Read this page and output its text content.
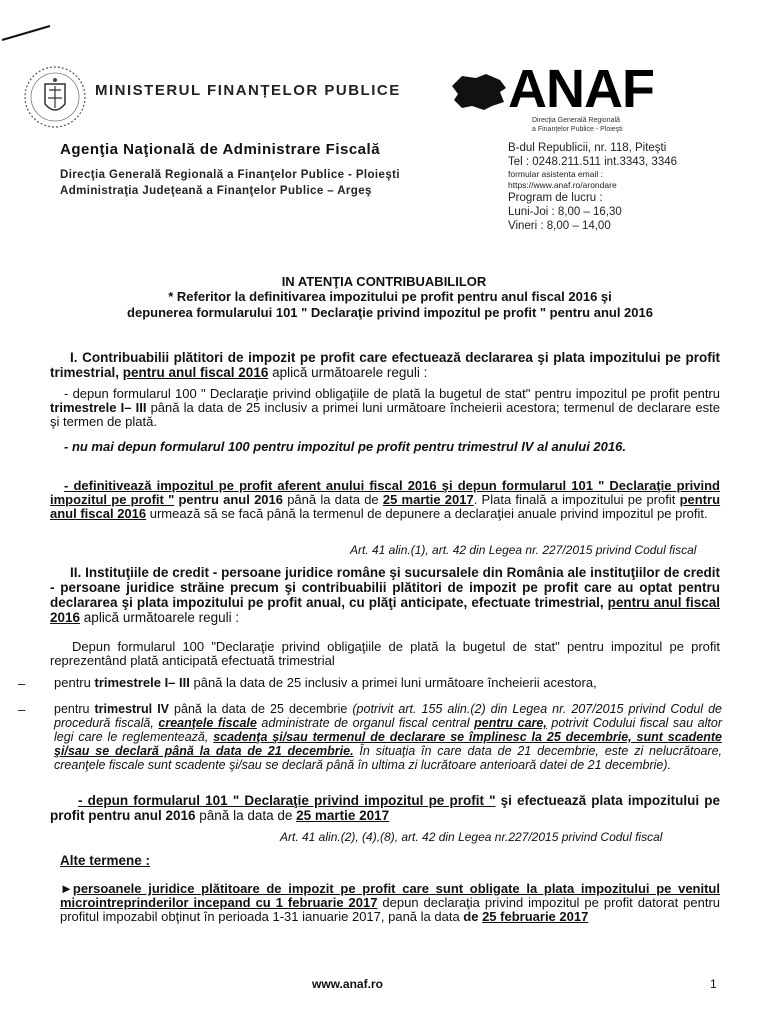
MINISTERUL FINANȚELOR PUBLICE ANAF
Direcţia Generală Regională
a Finanţelor Publice - Ploieşti
Agenţia Naţională de Administrare Fiscală
Direcţia Generală Regională a Finanţelor Publice - Ploieşti
Administraţia Judeţeană a Finanţelor Publice – Argeş
B-dul Republicii, nr. 118, Piteşti
Tel : 0248.211.511 int.3343, 3346
formular asistenta email :
https://www.anaf.ro/arondare
Program de lucru :
Luni-Joi : 8,00 – 16,30
Vineri : 8,00 – 14,00
IN ATENŢIA CONTRIBUABILILOR
* Referitor la definitivarea impozitului pe profit pentru anul fiscal 2016 şi
depunerea formularului 101 " Declaraţie privind impozitul pe profit " pentru anul 2016
I. Contribuabilii plătitori de impozit pe profit care efectuează declararea şi plata impozitului pe profit trimestrial, pentru anul fiscal 2016 aplică următoarele reguli :
- depun formularul 100 " Declaraţie privind obligaţiile de plată la bugetul de stat" pentru impozitul pe profit pentru trimestrele I– III până la data de 25 inclusiv a primei luni următoare încheierii acestora; termenul de declarare este şi termen de plată.
- nu mai depun formularul 100 pentru impozitul pe profit pentru trimestrul IV al anului 2016.
- definitivează impozitul pe profit aferent anului fiscal 2016 şi depun formularul 101 " Declaraţie privind impozitul pe profit " pentru anul 2016 până la data de 25 martie 2017. Plata finală a impozitului pe profit pentru anul fiscal 2016 urmează să se facă până la termenul de depunere a declaraţiei anuale privind impozitul pe profit.
Art. 41 alin.(1), art. 42 din Legea nr. 227/2015 privind Codul fiscal
II. Instituţiile de credit - persoane juridice române şi sucursalele din România ale instituţiilor de credit - persoane juridice străine precum şi contribuabilii plătitori de impozit pe profit care au optat pentru declararea şi plata impozitului pe profit anual, cu plăţi anticipate, efectuate trimestrial, pentru anul fiscal 2016 aplică următoarele reguli :
Depun formularul 100 "Declaraţie privind obligaţiile de plată la bugetul de stat" pentru impozitul pe profit reprezentând plată anticipată efectuată trimestrial
– pentru trimestrele I– III până la data de 25 inclusiv a primei luni următoare încheierii acestora,
– pentru trimestrul IV până la data de 25 decembrie (potrivit art. 155 alin.(2) din Legea nr. 207/2015 privind Codul de procedură fiscală, creanţele fiscale administrate de organul fiscal central pentru care, potrivit Codului fiscal sau altor legi care le reglementează, scadenţa şi/sau termenul de declarare se împlinesc la 25 decembrie, sunt scadente şi/sau se declară până la data de 21 decembrie. În situaţia în care data de 21 decembrie, este zi nelucrătoare, creanţele fiscale sunt scadente şi/sau se declară până în ultima zi lucrătoare anterioară datei de 21 decembrie).
- depun formularul 101 " Declaraţie privind impozitul pe profit " şi efectuează plata impozitului pe profit pentru anul 2016 până la data de 25 martie 2017
Art. 41 alin.(2), (4),(8), art. 42 din Legea nr.227/2015 privind Codul fiscal
Alte termene :
►persoanele juridice plătitoare de impozit pe profit care sunt obligate la plata impozitului pe venitul microintreprinderilor incepand cu 1 februarie 2017 depun declaraţia privind impozitul pe profit datorat pentru profitul impozabil obţinut în perioada 1-31 ianuarie 2017, pană la data de 25 februarie 2017
www.anaf.ro	1
